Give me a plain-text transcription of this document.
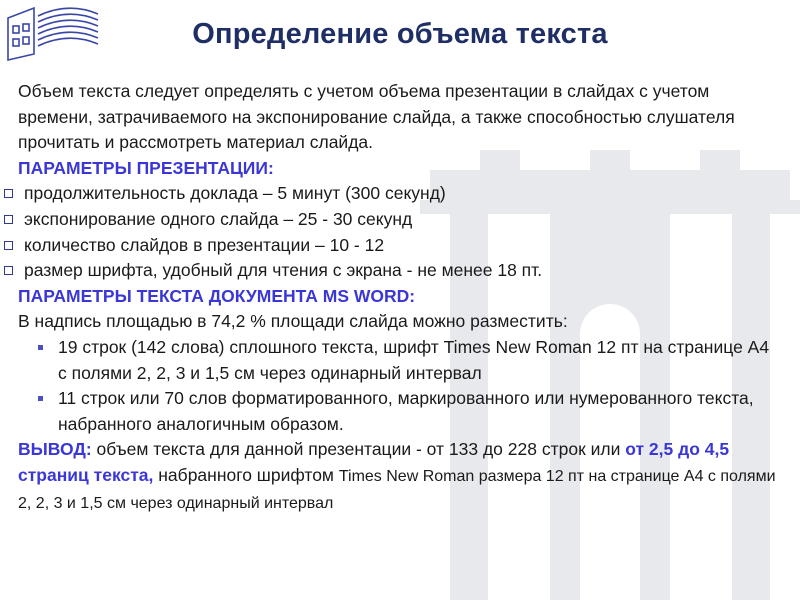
Определение объема текста

Объем текста следует определять с учетом объема презентации в слайдах с учетом времени, затрачиваемого на экспонирование слайда, а также способностью слушателя прочитать и рассмотреть материал слайда.

ПАРАМЕТРЫ ПРЕЗЕНТАЦИИ:
продолжительность доклада – 5 минут (300 секунд)
экспонирование одного слайда – 25 - 30 секунд
количество слайдов в презентации – 10 - 12
размер шрифта, удобный для чтения с экрана - не менее 18 пт.
ПАРАМЕТРЫ ТЕКСТА ДОКУМЕНТА MS WORD:
В надпись площадью в 74,2 % площади слайда можно разместить:
19 строк (142 слова) сплошного текста, шрифт Times New Roman 12 пт на странице А4 с полями 2, 2, 3 и 1,5 см через одинарный интервал
11 строк или 70 слов форматированного, маркированного или нумерованного текста, набранного аналогичным образом.
ВЫВОД: объем текста для данной презентации - от 133 до 228 строк или от 2,5 до 4,5 страниц текста, набранного шрифтом Times New Roman размера 12 пт на странице А4 с полями 2, 2, 3 и 1,5 см через одинарный интервал
